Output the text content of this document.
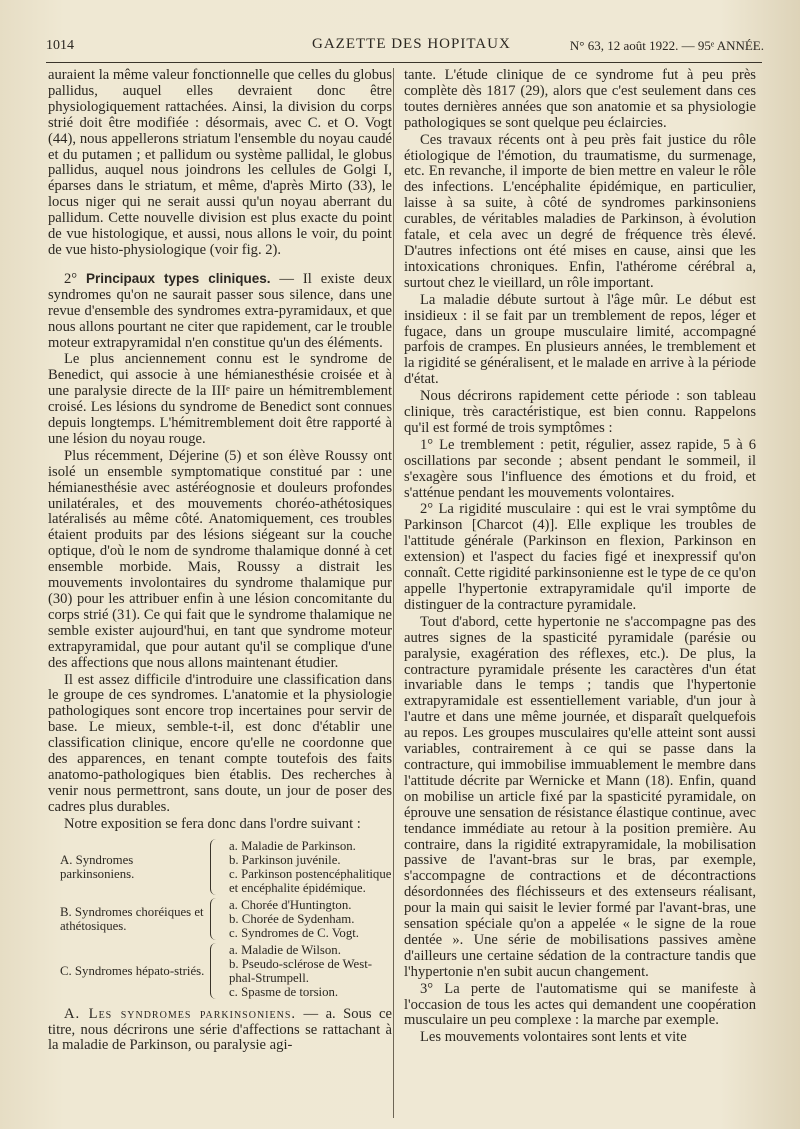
1014	GAZETTE DES HOPITAUX	N° 63, 12 août 1922. — 95ᵉ ANNÉE.

auraient la même valeur fonctionnelle que celles du globus pallidus, auquel elles devraient donc être physiologiquement rattachées. Ainsi, la division du corps strié doit être modifiée : désormais, avec C. et O. Vogt (44), nous appellerons striatum l'ensemble du noyau caudé et du putamen ; et pallidum ou système pallidal, le globus pallidus, auquel nous joindrons les cellules de Golgi I, éparses dans le striatum, et même, d'après Mirto (33), le locus niger qui ne serait aussi qu'un noyau aberrant du pallidum. Cette nouvelle division est plus exacte du point de vue histologique, et aussi, nous allons le voir, du point de vue histo-physiologique (voir fig. 2).

2° Principaux types cliniques. — Il existe deux syndromes qu'on ne saurait passer sous silence, dans une revue d'ensemble des syndromes extra-pyramidaux, et que nous allons pourtant ne citer que rapidement, car le trouble moteur extrapyramidal n'en constitue qu'un des éléments.

Le plus anciennement connu est le syndrome de Benedict, qui associe à une hémianesthésie croisée et à une paralysie directe de la IIIᵉ paire un hémitremblement croisé. Les lésions du syndrome de Benedict sont connues depuis longtemps. L'hémitremblement doit être rapporté à une lésion du noyau rouge.

Plus récemment, Déjerine (5) et son élève Roussy ont isolé un ensemble symptomatique constitué par : une hémianesthésie avec astéréognosie et douleurs profondes unilatérales, et des mouvements choréo-athétosiques latéralisés au même côté. Anatomiquement, ces troubles étaient produits par des lésions siégeant sur la couche optique, d'où le nom de syndrome thalamique donné à cet ensemble morbide. Mais, Roussy a distrait les mouvements involontaires du syndrome thalamique pur (30) pour les attribuer enfin à une lésion concomitante du corps strié (31). Ce qui fait que le syndrome thalamique ne semble exister aujourd'hui, en tant que syndrome moteur extrapyramidal, que pour autant qu'il se complique d'une des affections que nous allons maintenant étudier.

Il est assez difficile d'introduire une classification dans le groupe de ces syndromes. L'anatomie et la physiologie pathologiques sont encore trop incertaines pour servir de base. Le mieux, semble-t-il, est donc d'établir une classification clinique, encore qu'elle ne coordonne que des apparences, en tenant compte toutefois des faits anatomo-pathologiques bien établis. Des recherches à venir nous permettront, sans doute, un jour de poser des cadres plus durables.

Notre exposition se fera donc dans l'ordre suivant :

A. Syndromes parkinsoniens.
a. Maladie de Parkinson.
b. Parkinson juvénile.
c. Parkinson postencéphalitique et encéphalite épidémique.
B. Syndromes choréiques et athétosiques.
a. Chorée d'Huntington.
b. Chorée de Sydenham.
c. Syndromes de C. Vogt.
C. Syndromes hépato-striés.
a. Maladie de Wilson.
b. Pseudo-sclérose de West-phal-Strumpell.
c. Spasme de torsion.

A. Les syndromes parkinsoniens. — a. Sous ce titre, nous décrirons une série d'affections se rattachant à la maladie de Parkinson, ou paralysie agi-

tante. L'étude clinique de ce syndrome fut à peu près complète dès 1817 (29), alors que c'est seulement dans ces toutes dernières années que son anatomie et sa physiologie pathologiques se sont quelque peu éclaircies.

Ces travaux récents ont à peu près fait justice du rôle étiologique de l'émotion, du traumatisme, du surmenage, etc. En revanche, il importe de bien mettre en valeur le rôle des infections. L'encéphalite épidémique, en particulier, laisse à sa suite, à côté de syndromes parkinsoniens curables, de véritables maladies de Parkinson, à évolution fatale, et cela avec un degré de fréquence très élevé. D'autres infections ont été mises en cause, ainsi que les intoxications chroniques. Enfin, l'athérome cérébral a, surtout chez le vieillard, un rôle important.

La maladie débute surtout à l'âge mûr. Le début est insidieux : il se fait par un tremblement de repos, léger et fugace, dans un groupe musculaire limité, accompagné parfois de crampes. En plusieurs années, le tremblement et la rigidité se généralisent, et le malade en arrive à la période d'état.

Nous décrirons rapidement cette période : son tableau clinique, très caractéristique, est bien connu. Rappelons qu'il est formé de trois symptômes :

1° Le tremblement : petit, régulier, assez rapide, 5 à 6 oscillations par seconde ; absent pendant le sommeil, il s'exagère sous l'influence des émotions et du froid, et s'atténue pendant les mouvements volontaires.

2° La rigidité musculaire : qui est le vrai symptôme du Parkinson [Charcot (4)]. Elle explique les troubles de l'attitude générale (Parkinson en flexion, Parkinson en extension) et l'aspect du facies figé et inexpressif qu'on connaît. Cette rigidité parkinsonienne est le type de ce qu'on appelle l'hypertonie extrapyramidale qu'il importe de distinguer de la contracture pyramidale.

Tout d'abord, cette hypertonie ne s'accompagne pas des autres signes de la spasticité pyramidale (parésie ou paralysie, exagération des réflexes, etc.). De plus, la contracture pyramidale présente les caractères d'un état invariable dans le temps ; tandis que l'hypertonie extrapyramidale est essentiellement variable, d'un jour à l'autre et dans une même journée, et disparaît quelquefois au repos. Les groupes musculaires qu'elle atteint sont aussi variables, contrairement à ce qui se passe dans la contracture, qui immobilise immuablement le membre dans l'attitude décrite par Wernicke et Mann (18). Enfin, quand on mobilise un article fixé par la spasticité pyramidale, on éprouve une sensation de résistance élastique continue, avec tendance immédiate au retour à la position première. Au contraire, dans la rigidité extrapyramidale, la mobilisation passive de l'avant-bras sur le bras, par exemple, s'accompagne de contractions et de décontractions désordonnées des fléchisseurs et des extenseurs réalisant, pour la main qui saisit le levier formé par l'avant-bras, une sensation spéciale qu'on a appelée « le signe de la roue dentée ». Une série de mobilisations passives amène d'ailleurs une certaine sédation de la contracture tandis que l'hypertonie n'en subit aucun changement.

3° La perte de l'automatisme qui se manifeste à l'occasion de tous les actes qui demandent une coopération musculaire un peu complexe : la marche par exemple.

Les mouvements volontaires sont lents et vite
